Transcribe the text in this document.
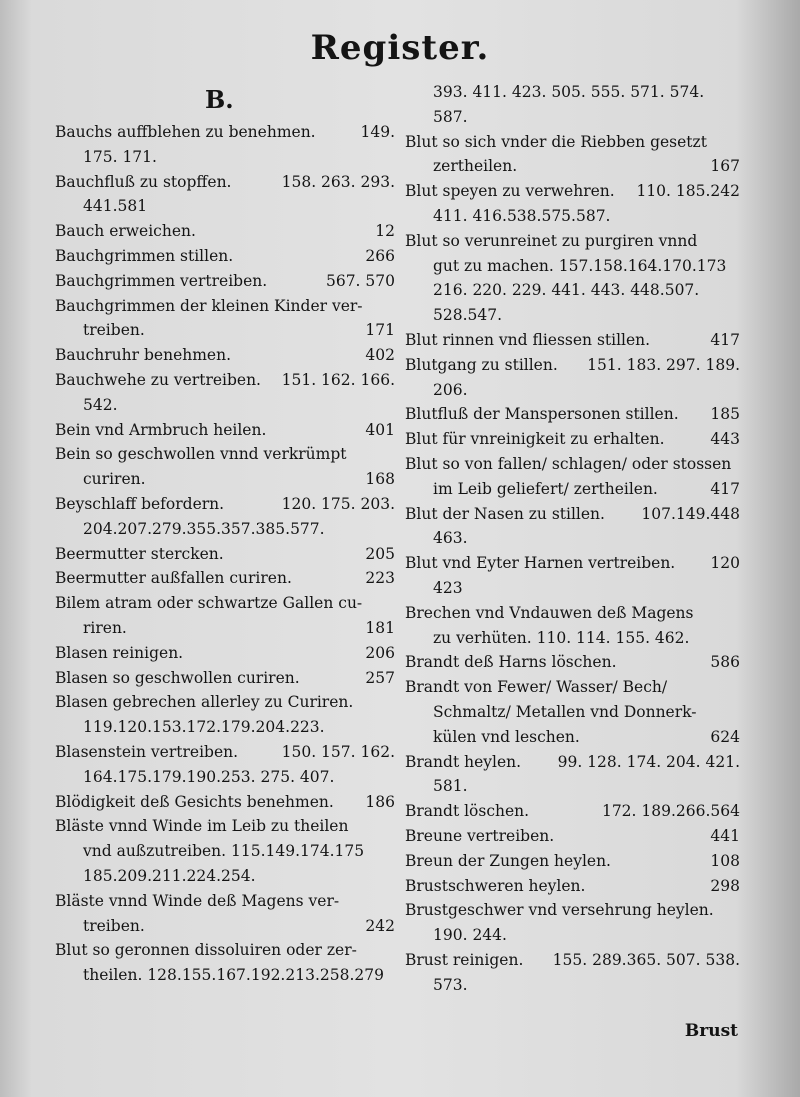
Register.
B.
Bauchs auffblehen zu benehmen.	149.
175. 171.
Bauchfluß zu stopffen.	158. 263. 293.
441.581
Bauch erweichen.	12
Bauchgrimmen stillen.	266
Bauchgrimmen vertreiben.	567. 570
Bauchgrimmen der kleinen Kinder ver-
treiben.	171
Bauchruhr benehmen.	402
Bauchwehe zu vertreiben.	151. 162. 166.
542.
Bein vnd Armbruch heilen.	401
Bein so geschwollen vnnd verkrümpt
curiren.	168
Beyschlaff befordern.	120. 175. 203.
204.207.279.355.357.385.577.
Beermutter stercken.	205
Beermutter außfallen curiren.	223
Bilem atram oder schwartze Gallen cu-
riren.	181
Blasen reinigen.	206
Blasen so geschwollen curiren.	257
Blasen gebrechen allerley zu Curiren.
119.120.153.172.179.204.223.
Blasenstein vertreiben.	150. 157. 162.
164.175.179.190.253. 275. 407.
Blödigkeit deß Gesichts benehmen.	186
Bläste vnnd Winde im Leib zu theilen
vnd außzutreiben. 115.149.174.175
185.209.211.224.254.
Bläste vnnd Winde deß Magens ver-
treiben.	242
Blut so geronnen dissoluiren oder zer-
theilen. 128.155.167.192.213.258.279
393. 411. 423. 505. 555. 571. 574.
587.
Blut so sich vnder die Riebben gesetzt
zertheilen.	167
Blut speyen zu verwehren.	110. 185.242
411. 416.538.575.587.
Blut so verunreinet zu purgiren vnnd
gut zu machen. 157.158.164.170.173
216. 220. 229. 441. 443. 448.507.
528.547.
Blut rinnen vnd fliessen stillen.	417
Blutgang zu stillen.	151. 183. 297. 189.
206.
Blutfluß der Manspersonen stillen.	185
Blut für vnreinigkeit zu erhalten.	443
Blut so von fallen/ schlagen/ oder stossen
im Leib geliefert/ zertheilen.	417
Blut der Nasen zu stillen.	107.149.448
463.
Blut vnd Eyter Harnen vertreiben.	120
423
Brechen vnd Vndauwen deß Magens
zu verhüten. 110. 114. 155. 462.
Brandt deß Harns löschen.	586
Brandt von Fewer/ Wasser/ Bech/
Schmaltz/ Metallen vnd Donnerk-
külen vnd leschen.	624
Brandt heylen.	99. 128. 174. 204. 421.
581.
Brandt löschen.	172. 189.266.564
Breune vertreiben.	441
Breun der Zungen heylen.	108
Brustschweren heylen.	298
Brustgeschwer vnd versehrung heylen.
190. 244.
Brust reinigen.	155. 289.365. 507. 538.
573.
Brust
